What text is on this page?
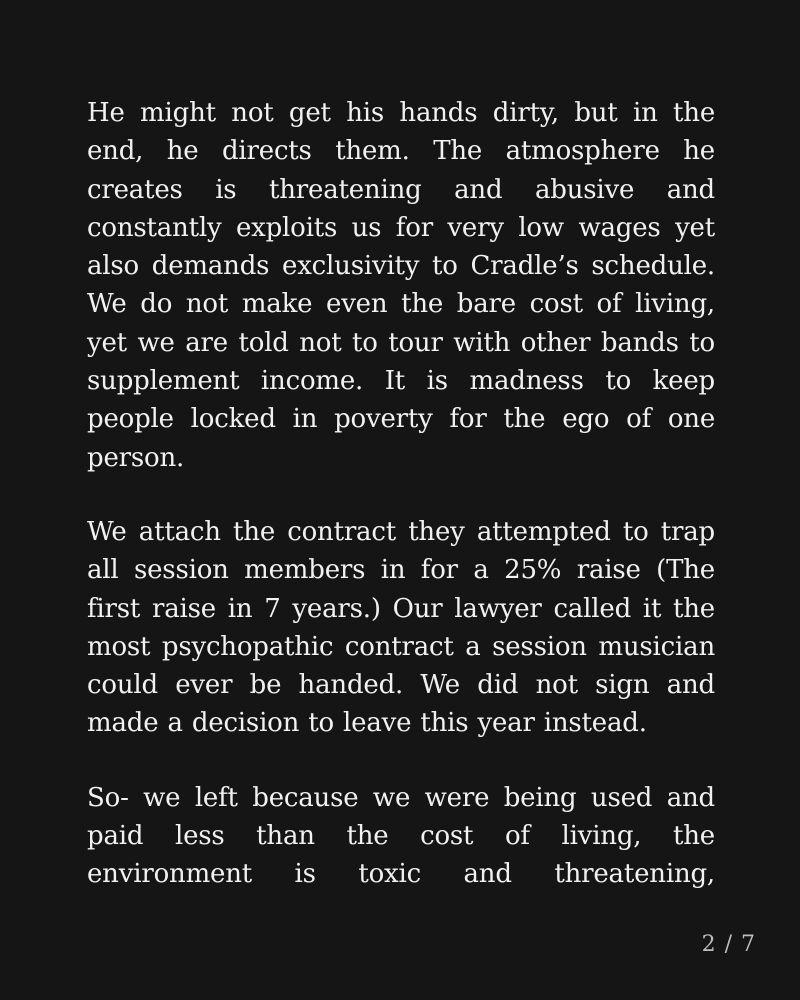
He might not get his hands dirty, but in the end, he directs them. The atmosphere he creates is threatening and abusive and constantly exploits us for very low wages yet also demands exclusivity to Cradle’s schedule. We do not make even the bare cost of living, yet we are told not to tour with other bands to supplement income. It is madness to keep people locked in poverty for the ego of one person.

We attach the contract they attempted to trap all session members in for a 25% raise (The first raise in 7 years.) Our lawyer called it the most psychopathic contract a session musician could ever be handed. We did not sign and made a decision to leave this year instead.

So- we left because we were being used and paid less than the cost of living, the environment is toxic and threatening,

2 / 7
